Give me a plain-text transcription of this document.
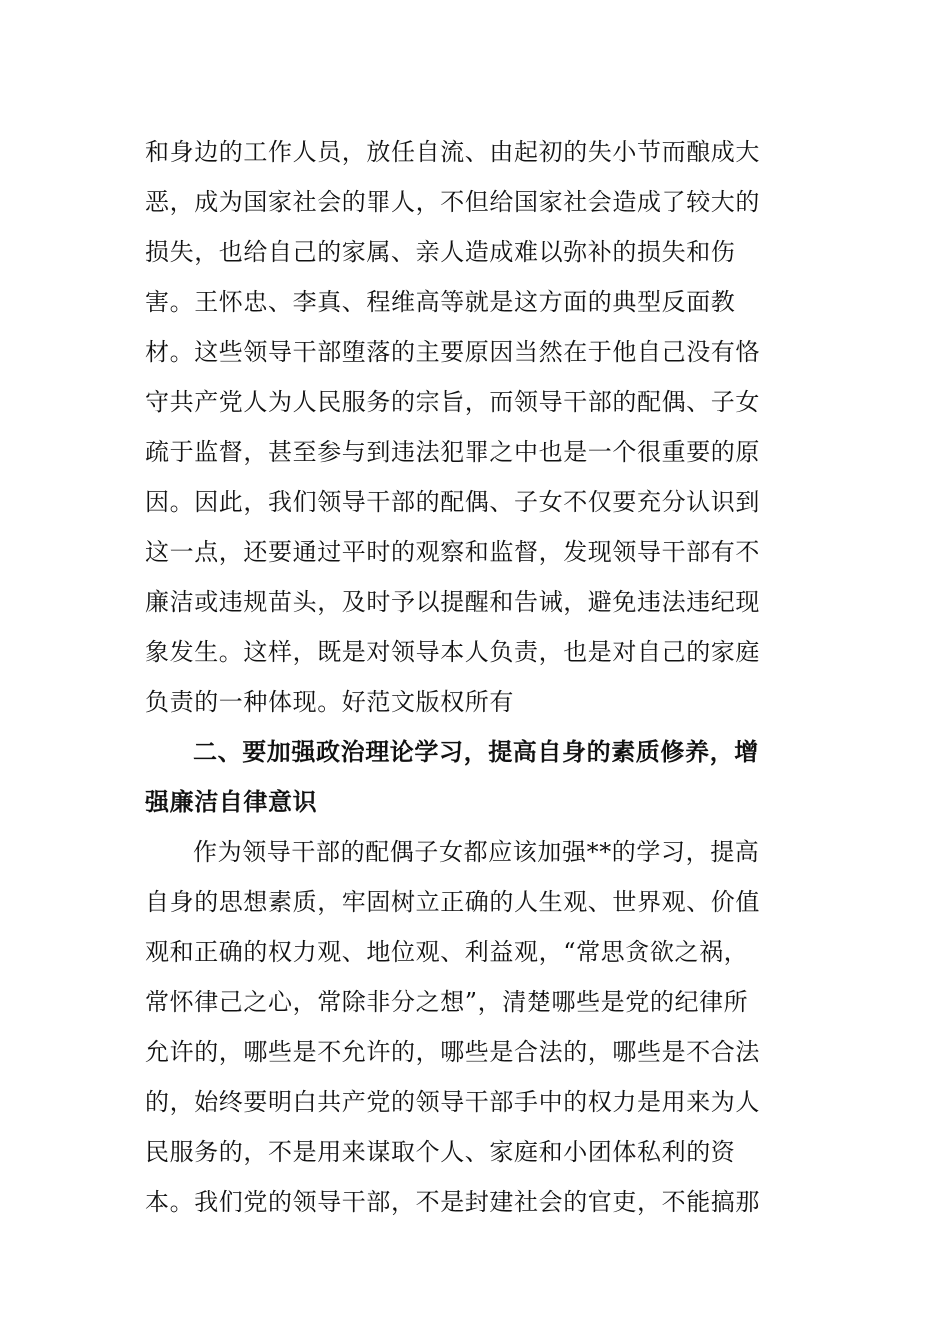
和身边的工作人员，放任自流、由起初的失小节而酿成大
恶，成为国家社会的罪人，不但给国家社会造成了较大的
损失，也给自己的家属、亲人造成难以弥补的损失和伤
害。王怀忠、李真、程维高等就是这方面的典型反面教
材。这些领导干部堕落的主要原因当然在于他自己没有恪
守共产党人为人民服务的宗旨，而领导干部的配偶、子女
疏于监督，甚至参与到违法犯罪之中也是一个很重要的原
因。因此，我们领导干部的配偶、子女不仅要充分认识到
这一点，还要通过平时的观察和监督，发现领导干部有不
廉洁或违规苗头，及时予以提醒和告诫，避免违法违纪现
象发生。这样，既是对领导本人负责，也是对自己的家庭
负责的一种体现。好范文版权所有
二、要加强政治理论学习，提高自身的素质修养，增
强廉洁自律意识
作为领导干部的配偶子女都应该加强**的学习，提高
自身的思想素质，牢固树立正确的人生观、世界观、价值
观和正确的权力观、地位观、利益观，“常思贪欲之祸，
常怀律己之心，常除非分之想”，清楚哪些是党的纪律所
允许的，哪些是不允许的，哪些是合法的，哪些是不合法
的，始终要明白共产党的领导干部手中的权力是用来为人
民服务的，不是用来谋取个人、家庭和小团体私利的资
本。我们党的领导干部，不是封建社会的官吏，不能搞那
